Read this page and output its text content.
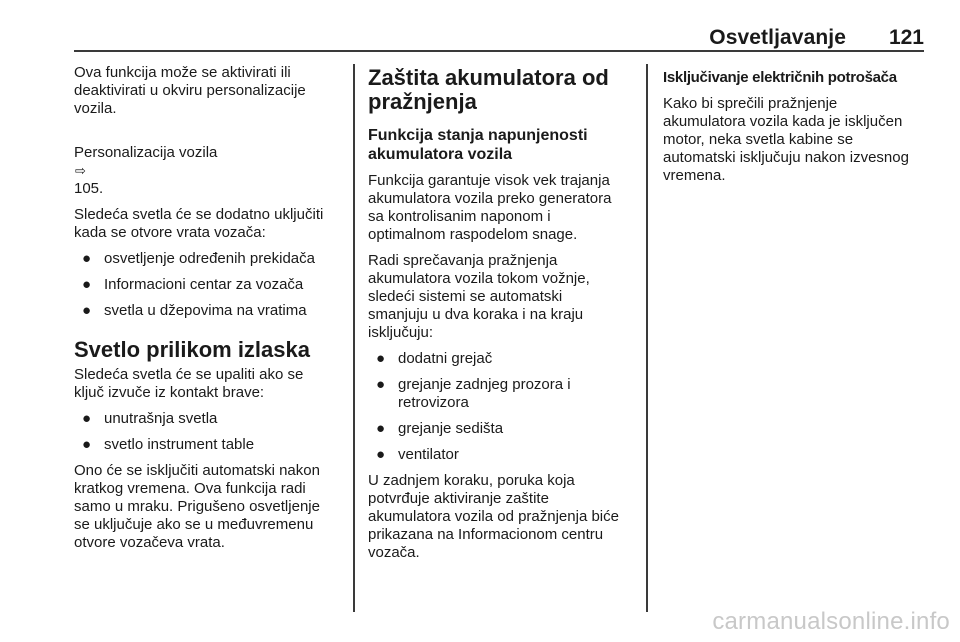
Osvetljavanje 121

Ova funkcija može se aktivirati ili
deaktivirati u okviru personalizacije
vozila.

Personalizacija vozila
⇨
105.

Sledeća svetla će se dodatno uključiti
kada se otvore vrata vozača:

● osvetljenje određenih prekidača
● Informacioni centar za vozača
● svetla u džepovima na vratima
Svetlo prilikom izlaska

Sledeća svetla će se upaliti ako se
ključ izvuče iz kontakt brave:

● unutrašnja svetla
● svetlo instrument table

Ono će se isključiti automatski nakon
kratkog vremena. Ova funkcija radi
samo u mraku. Prigušeno osvetljenje
se uključuje ako se u međuvremenu
otvore vozačeva vrata.

Zaštita akumulatora od
pražnjenja
Funkcija stanja napunjenosti
akumulatora vozila

Funkcija garantuje visok vek trajanja
akumulatora vozila preko generatora
sa kontrolisanim naponom i
optimalnom raspodelom snage.

Radi sprečavanja pražnjenja
akumulatora vozila tokom vožnje,
sledeći sistemi se automatski
smanjuju u dva koraka i na kraju
isključuju:

● dodatni grejač
● grejanje zadnjeg prozora i
retrovizora
● grejanje sedišta
● ventilator

U zadnjem koraku, poruka koja
potvrđuje aktiviranje zaštite
akumulatora vozila od pražnjenja biće
prikazana na Informacionom centru
vozača.

Isključivanje električnih potrošača

Kako bi sprečili pražnjenje
akumulatora vozila kada je isključen
motor, neka svetla kabine se
automatski isključuju nakon izvesnog
vremena.

carmanualsonline.info
